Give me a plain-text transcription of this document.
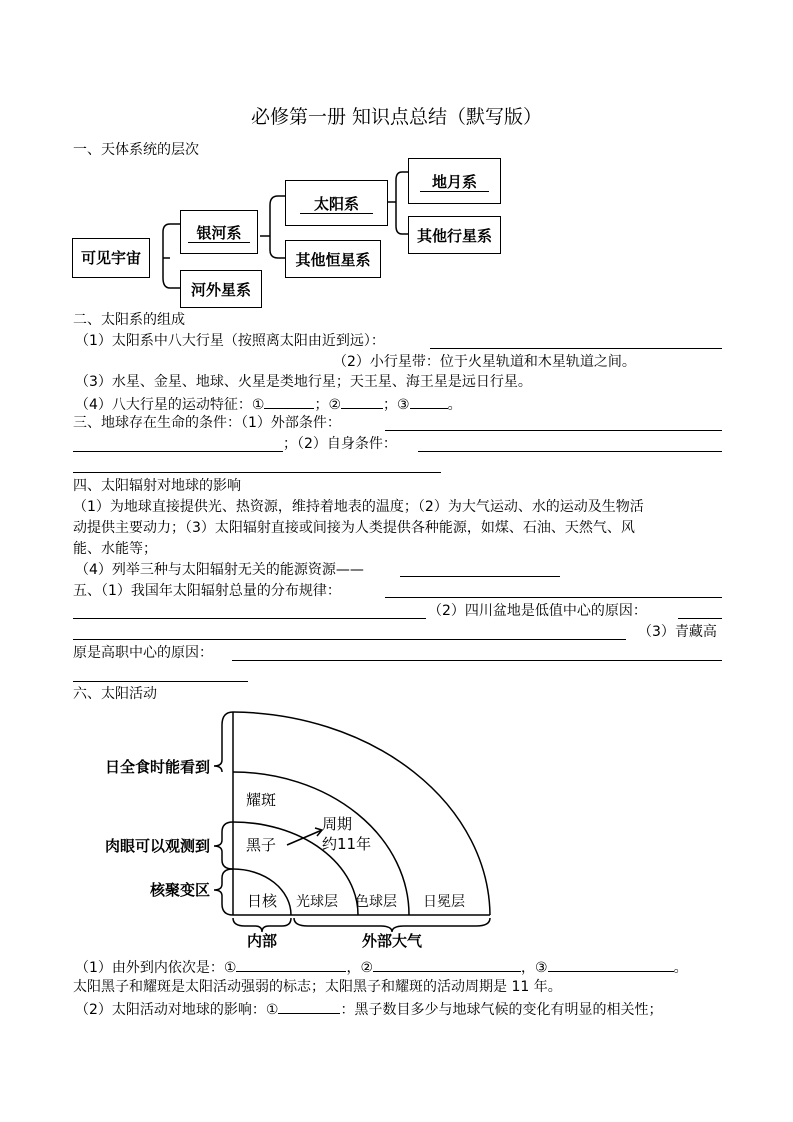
必修第一册 知识点总结（默写版）
一、天体系统的层次
可见宇宙
银河系
河外星系
太阳系
其他恒星系
地月系
其他行星系
二、太阳系的组成
（1）太阳系中八大行星（按照离太阳由近到远）：
（2）小行星带：位于火星轨道和木星轨道之间。
（3）水星、金星、地球、火星是类地行星；天王星、海王星是远日行星。
（4）八大行星的运动特征：①	；②	；③	。
三、地球存在生命的条件：（1）外部条件：
；（2）自身条件：
四、太阳辐射对地球的影响
（1）为地球直接提供光、热资源，维持着地表的温度；（2）为大气运动、水的运动及生物活
动提供主要动力；（3）太阳辐射直接或间接为人类提供各种能源，如煤、石油、天然气、风
能、水能等；
（4）列举三种与太阳辐射无关的能源资源——
五、（1）我国年太阳辐射总量的分布规律：
（2）四川盆地是低值中心的原因：
（3）青藏高
原是高职中心的原因：
六、太阳活动
日全食时能看到
肉眼可以观测到
核聚变区
耀斑
黑子
周期
约11年
日核 光球层 色球层 日冕层
内部	外部大气
（1）由外到内依次是：①	，②	，③	。
太阳黑子和耀斑是太阳活动强弱的标志；太阳黑子和耀斑的活动周期是 11 年。
（2）太阳活动对地球的影响：①	：黑子数目多少与地球气候的变化有明显的相关性；
